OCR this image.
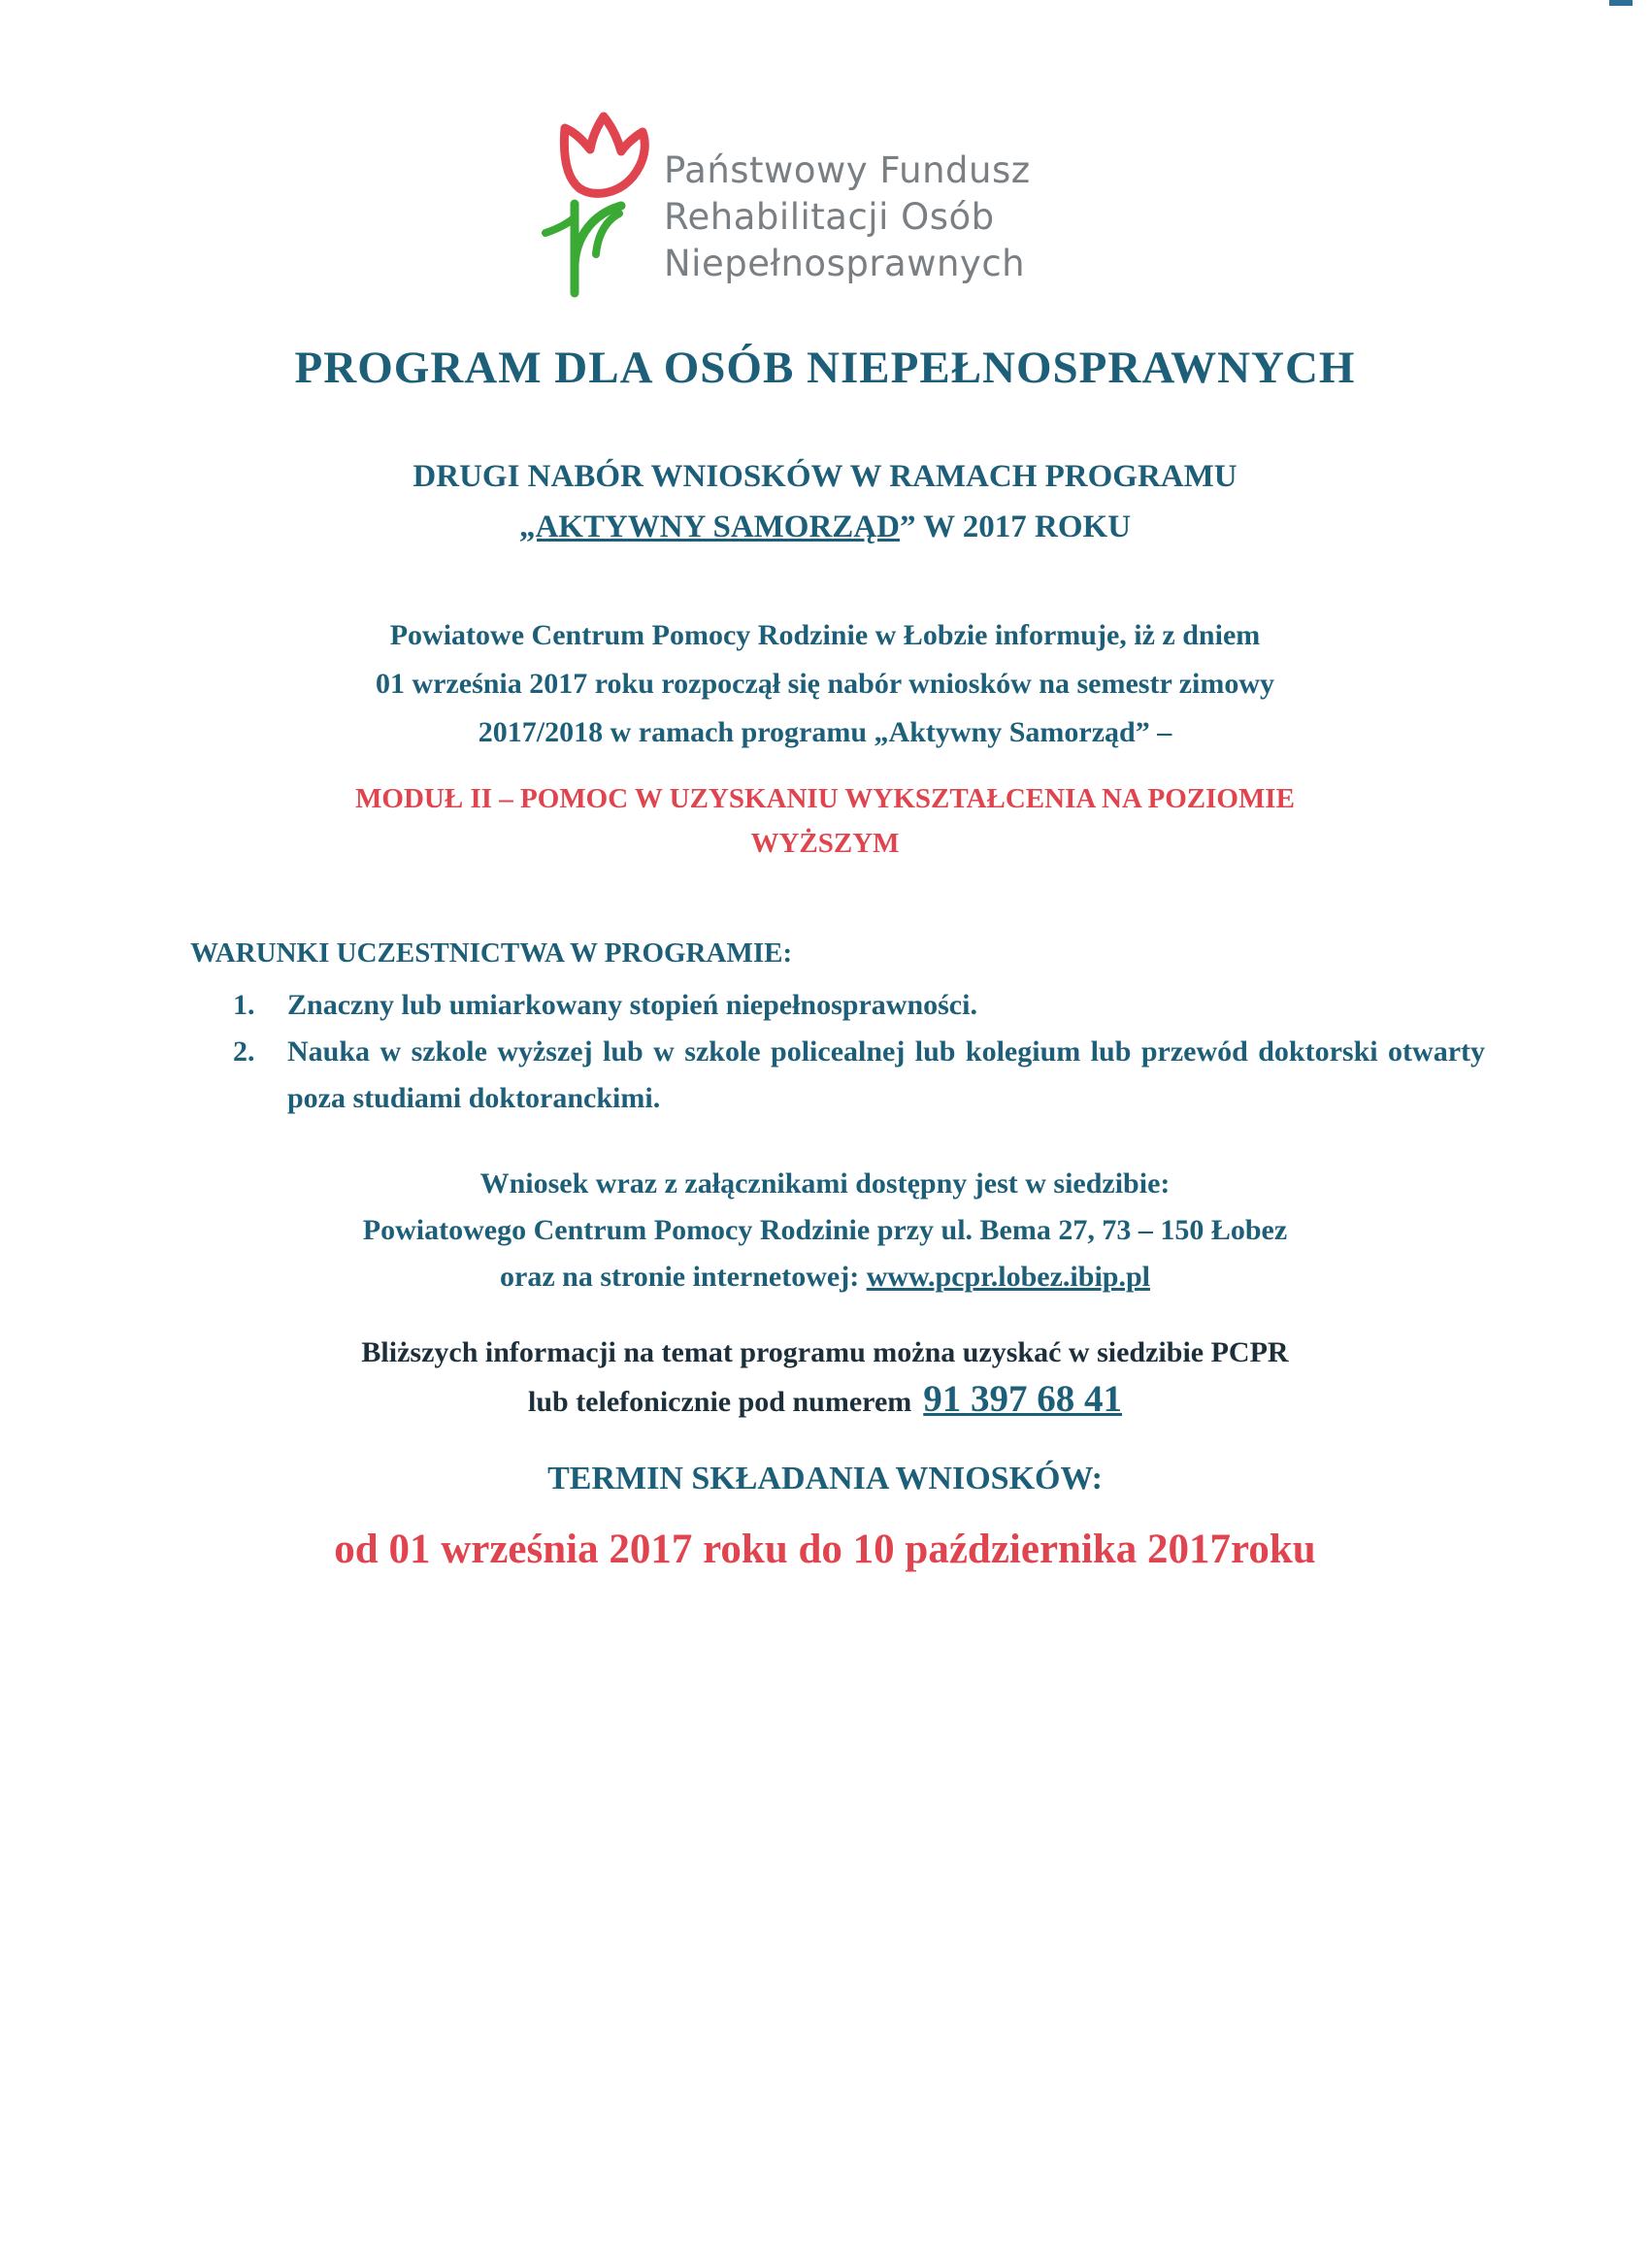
Państwowy Fundusz
Rehabilitacji Osób
Niepełnosprawnych
PROGRAM DLA OSÓB NIEPEŁNOSPRAWNYCH
DRUGI NABÓR WNIOSKÓW W RAMACH PROGRAMU
„AKTYWNY SAMORZĄD” W 2017 ROKU
Powiatowe Centrum Pomocy Rodzinie w Łobzie informuje, iż z dniem
01 września 2017 roku rozpoczął się nabór wniosków na semestr zimowy
2017/2018 w ramach programu „Aktywny Samorząd” –
MODUŁ II – POMOC W UZYSKANIU WYKSZTAŁCENIA NA POZIOMIE
WYŻSZYM
WARUNKI UCZESTNICTWA W PROGRAMIE:
1. Znaczny lub umiarkowany stopień niepełnosprawności.
2. Nauka w szkole wyższej lub w szkole policealnej lub kolegium lub przewód doktorski otwarty poza studiami doktoranckimi.
Wniosek wraz z załącznikami dostępny jest w siedzibie:
Powiatowego Centrum Pomocy Rodzinie przy ul. Bema 27, 73 – 150 Łobez
oraz na stronie internetowej: www.pcpr.lobez.ibip.pl
Bliższych informacji na temat programu można uzyskać w siedzibie PCPR
lub telefonicznie pod numerem 91 397 68 41
TERMIN SKŁADANIA WNIOSKÓW:
od 01 września 2017 roku do 10 października 2017roku
